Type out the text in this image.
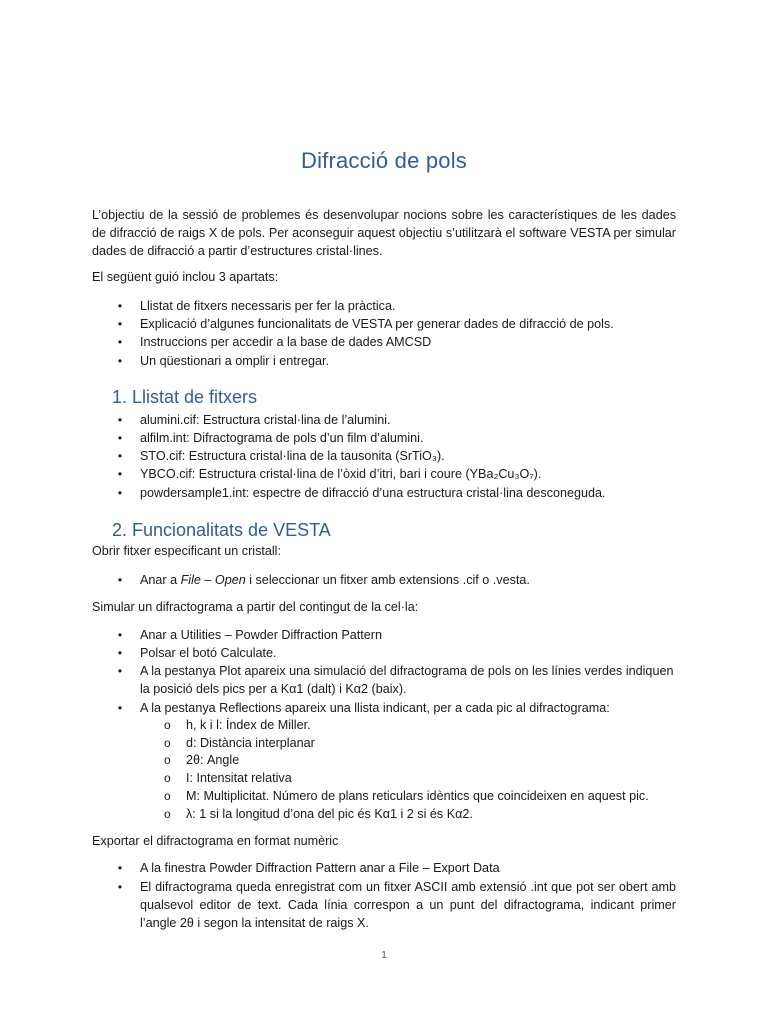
Difracció de pols
L’objectiu de la sessió de problemes és desenvolupar nocions sobre les característiques de les dades de difracció de raigs X de pols. Per aconseguir aquest objectiu s’utilitzarà el software VESTA per simular dades de difracció a partir d’estructures cristal·lines.
El següent guió inclou 3 apartats:
• Llistat de fitxers necessaris per fer la pràctica.
• Explicació d’algunes funcionalitats de VESTA per generar dades de difracció de pols.
• Instruccions per accedir a la base de dades AMCSD
• Un qüestionari a omplir i entregar.
1. Llistat de fitxers
• alumini.cif: Estructura cristal·lina de l’alumini.
• alfilm.int: Difractograma de pols d’un film d’alumini.
• STO.cif: Estructura cristal·lina de la tausonita (SrTiO₃).
• YBCO.cif: Estructura cristal·lina de l’òxid d’itri, bari i coure (YBa₂Cu₃O₇).
• powdersample1.int: espectre de difracció d’una estructura cristal·lina desconeguda.
2. Funcionalitats de VESTA
Obrir fitxer especificant un cristall:
• Anar a File – Open i seleccionar un fitxer amb extensions .cif o .vesta.
Simular un difractograma a partir del contingut de la cel·la:
• Anar a Utilities – Powder Diffraction Pattern
• Polsar el botó Calculate.
• A la pestanya Plot apareix una simulació del difractograma de pols on les línies verdes indiquen la posició dels pics per a Kα1 (dalt) i Kα2 (baix).
• A la pestanya Reflections apareix una llista indicant, per a cada pic al difractograma:
o h, k i l: Índex de Miller.
o d: Distància interplanar
o 2θ: Angle
o I: Intensitat relativa
o M: Multiplicitat. Número de plans reticulars idèntics que coincideixen en aquest pic.
o λ: 1 si la longitud d’ona del pic és Kα1 i 2 si és Kα2.
Exportar el difractograma en format numèric
• A la finestra Powder Diffraction Pattern anar a File – Export Data
• El difractograma queda enregistrat com un fitxer ASCII amb extensió .int que pot ser obert amb qualsevol editor de text. Cada línia correspon a un punt del difractograma, indicant primer l’angle 2θ i segon la intensitat de raigs X.
1
